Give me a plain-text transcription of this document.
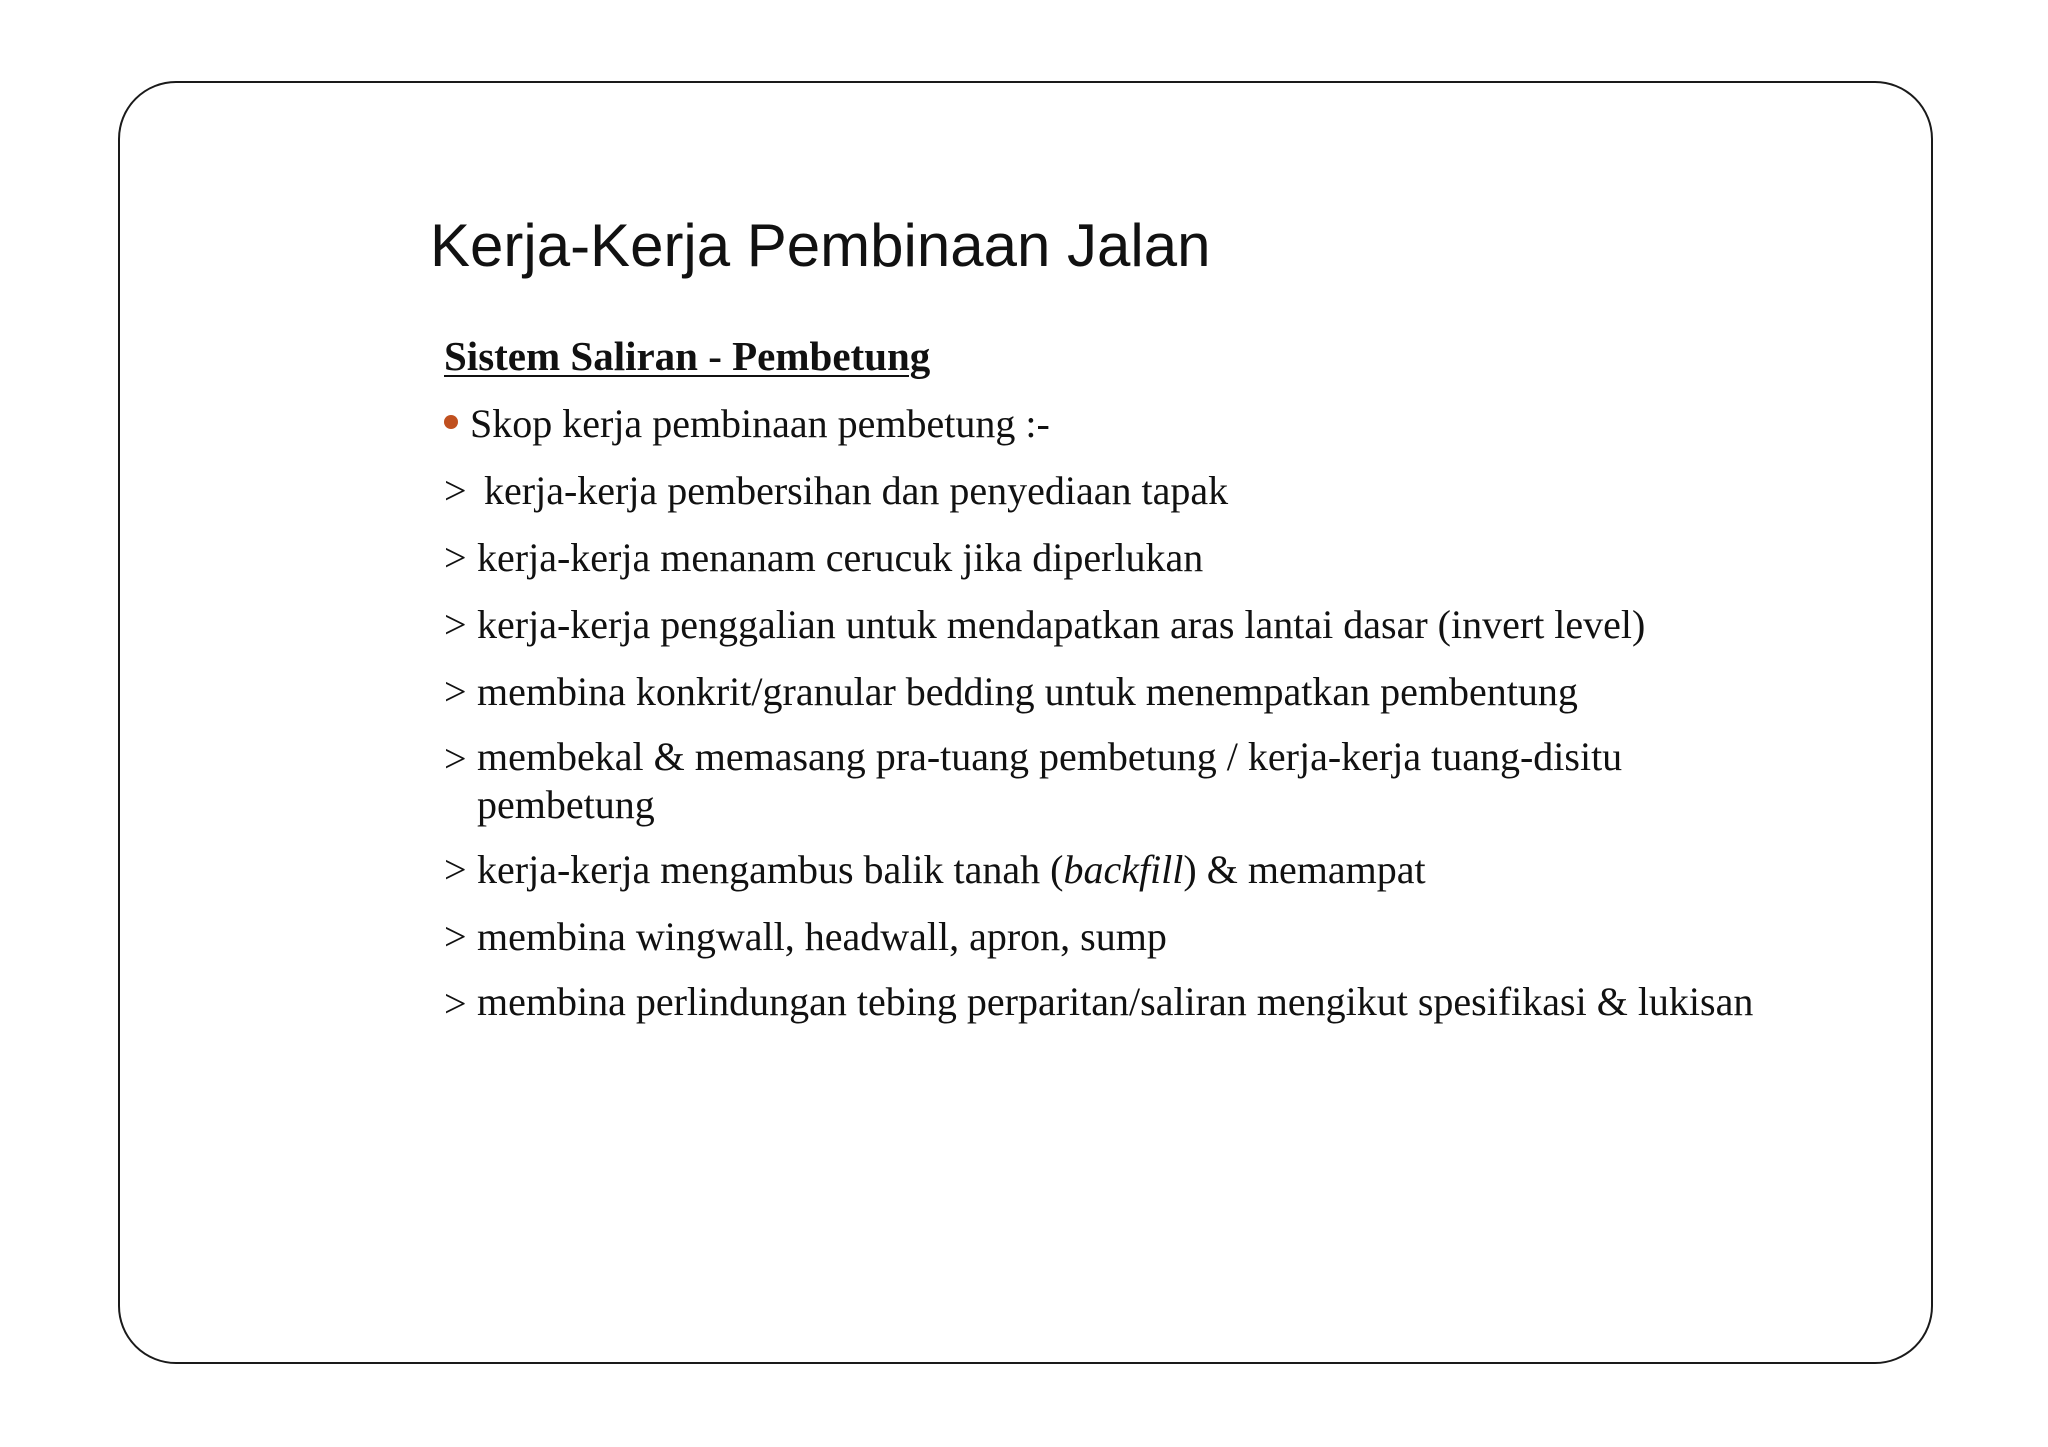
Kerja-Kerja Pembinaan Jalan
Sistem Saliran - Pembetung
Skop kerja pembinaan pembetung :-
> kerja-kerja pembersihan dan penyediaan tapak
> kerja-kerja menanam cerucuk jika diperlukan
> kerja-kerja penggalian untuk mendapatkan aras lantai dasar (invert level)
> membina konkrit/granular bedding untuk menempatkan pembentung
> membekal & memasang pra-tuang pembetung / kerja-kerja tuang-disitu pembetung
> kerja-kerja mengambus balik tanah (backfill) & memampat
> membina wingwall, headwall, apron, sump
> membina perlindungan tebing perparitan/saliran mengikut spesifikasi & lukisan
